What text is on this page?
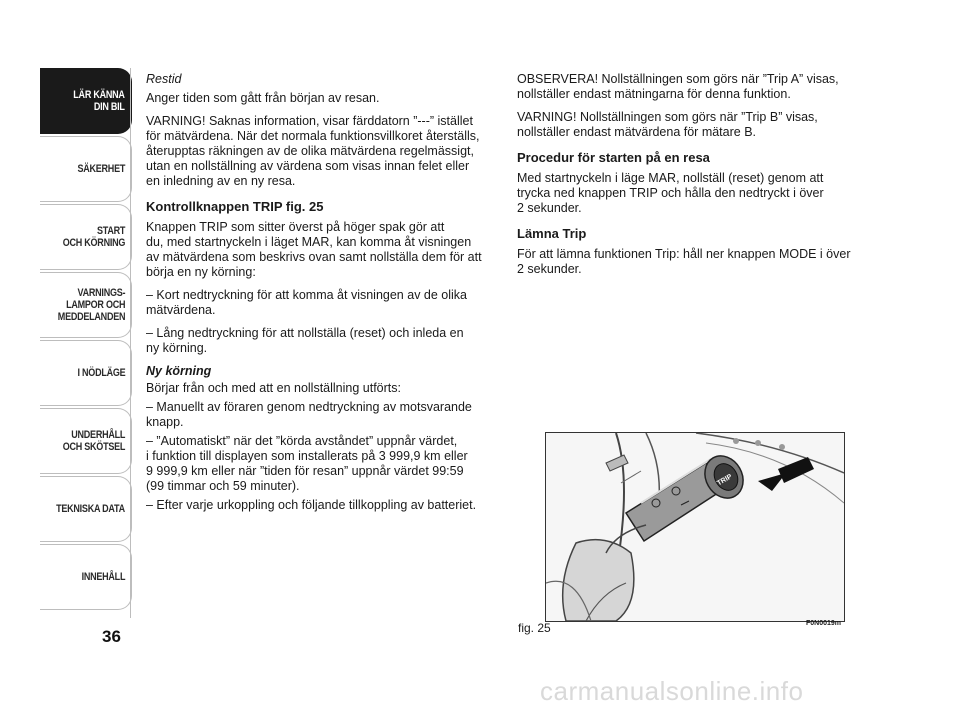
LÄR KÄNNA
DIN BIL
SÄKERHET
START
OCH KÖRNING
VARNINGS-
LAMPOR OCH
MEDDELANDEN
I NÖDLÄGE
UNDERHÅLL
OCH SKÖTSEL
TEKNISKA DATA
INNEHÅLL
36

Restid

Anger tiden som gått från början av resan.

VARNING! Saknas information, visar färddatorn ”---” istället
för mätvärdena. När det normala funktionsvillkoret återställs,
återupptas räkningen av de olika mätvärdena regelmässigt,
utan en nollställning av värdena som visas innan felet eller
en inledning av en ny resa.

Kontrollknappen TRIP fig. 25

Knappen TRIP som sitter överst på höger spak gör att
du, med startnyckeln i läget MAR, kan komma åt visningen
av mätvärdena som beskrivs ovan samt nollställa dem för att
börja en ny körning:

– Kort nedtryckning för att komma åt visningen av de olika
mätvärdena.

– Lång nedtryckning för att nollställa (reset) och inleda en
ny körning.

Ny körning

Börjar från och med att en nollställning utförts:

– Manuellt av föraren genom nedtryckning av motsvarande
knapp.

– ”Automatiskt” när det ”körda avståndet” uppnår värdet,
i funktion till displayen som installerats på 3 999,9 km eller
9 999,9 km eller när ”tiden för resan” uppnår värdet 99:59
(99 timmar och 59 minuter).

– Efter varje urkoppling och följande tillkoppling av batteriet.

OBSERVERA! Nollställningen som görs när ”Trip A” visas,
nollställer endast mätningarna för denna funktion.

VARNING! Nollställningen som görs när ”Trip B” visas,
nollställer endast mätvärdena för mätare B.

Procedur för starten på en resa

Med startnyckeln i läge MAR, nollställ (reset) genom att
trycka ned knappen TRIP och hålla den nedtryckt i över
2 sekunder.

Lämna Trip

För att lämna funktionen Trip: håll ner knappen MODE i över
2 sekunder.

TRIP
fig. 25	F0N0019m
carmanualsonline.info
